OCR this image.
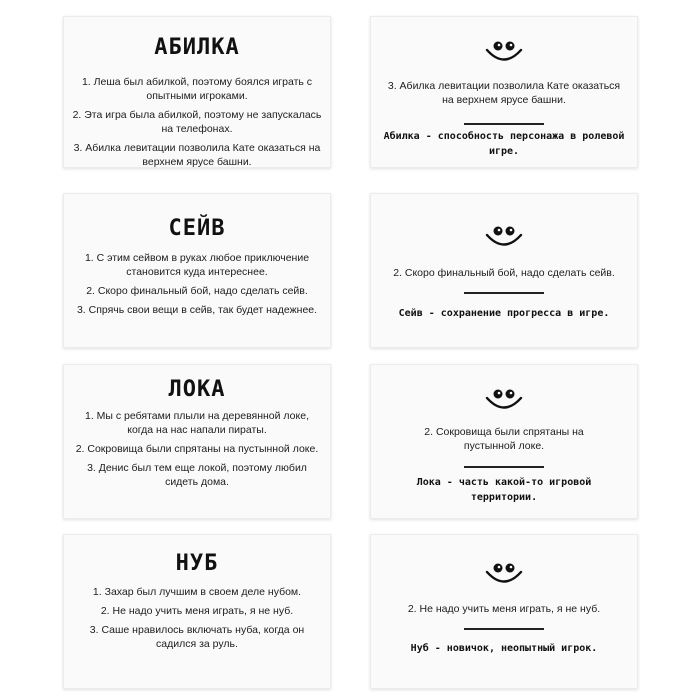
АБИЛКА

1. Леша был абилкой, поэтому боялся играть с опытными игроками.

2. Эта игра была абилкой, поэтому не запускалась на телефонах.

3. Абилка левитации позволила Кате оказаться на верхнем ярусе башни.

3. Абилка левитации позволила Кате оказаться на верхнем ярусе башни.
Абилка - способность персонажа в ролевой игре.
СЕЙВ

1. С этим сейвом в руках любое приключение становится куда интереснее.

2. Скоро финальный бой, надо сделать сейв.

3. Спрячь свои вещи в сейв, так будет надежнее.

2. Скоро финальный бой, надо сделать сейв.
Сейв - сохранение прогресса в игре.
ЛОКА

1. Мы с ребятами плыли на деревянной локе, когда на нас напали пираты.

2. Сокровища были спрятаны на пустынной локе.

3. Денис был тем еще локой, поэтому любил сидеть дома.

2. Сокровища были спрятаны на пустынной локе.
Лока - часть какой-то игровой территории.
НУБ

1. Захар был лучшим в своем деле нубом.

2. Не надо учить меня играть, я не нуб.

3. Саше нравилось включать нуба, когда он садился за руль.

2. Не надо учить меня играть, я не нуб.
Нуб - новичок, неопытный игрок.
